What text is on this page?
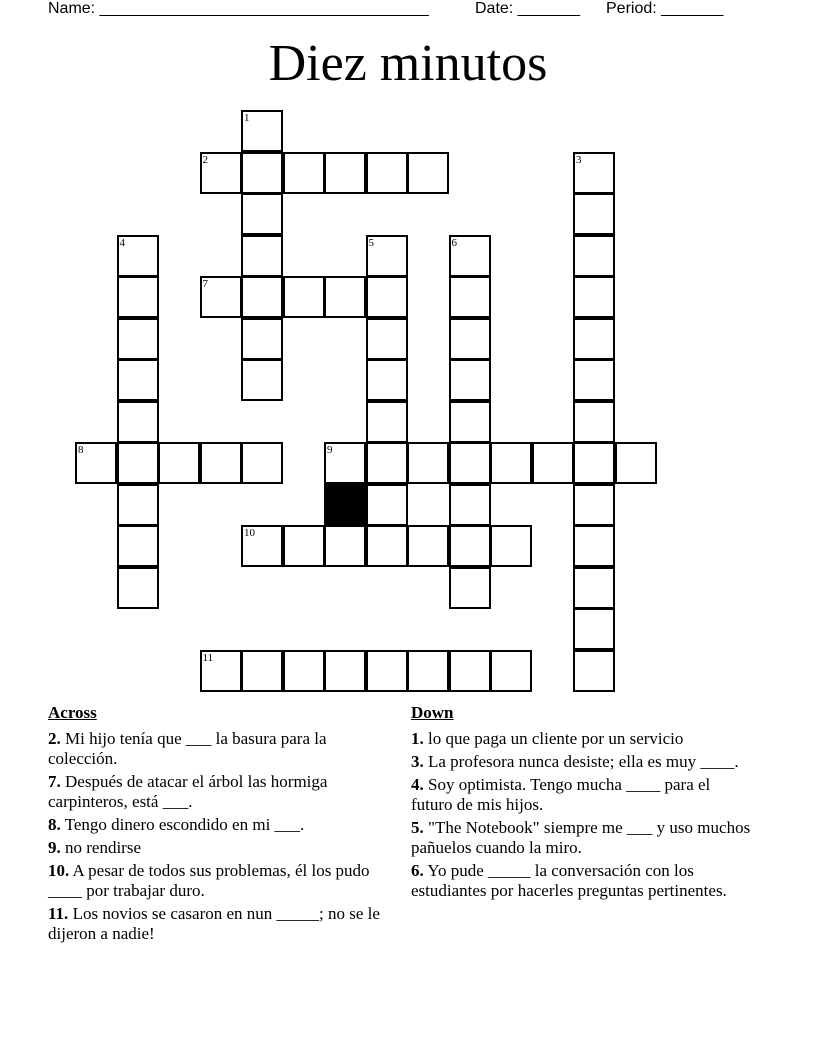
Name: _____________________________________	Date: _______ Period: _______
Diez minutos
1
2	3
4	5	6
7
8	9
10
11
Across
2. Mi hijo tenía que ___ la basura para la colección.
7. Después de atacar el árbol las hormiga carpinteros, está ___.
8. Tengo dinero escondido en mi ___.
9. no rendirse
10. A pesar de todos sus problemas, él los pudo ____ por trabajar duro.
11. Los novios se casaron en nun _____; no se le dijeron a nadie!
Down
1. lo que paga un cliente por un servicio
3. La profesora nunca desiste; ella es muy ____.
4. Soy optimista. Tengo mucha ____ para el futuro de mis hijos.
5. "The Notebook" siempre me ___ y uso muchos pañuelos cuando la miro.
6. Yo pude _____ la conversación con los estudiantes por hacerles preguntas pertinentes.
